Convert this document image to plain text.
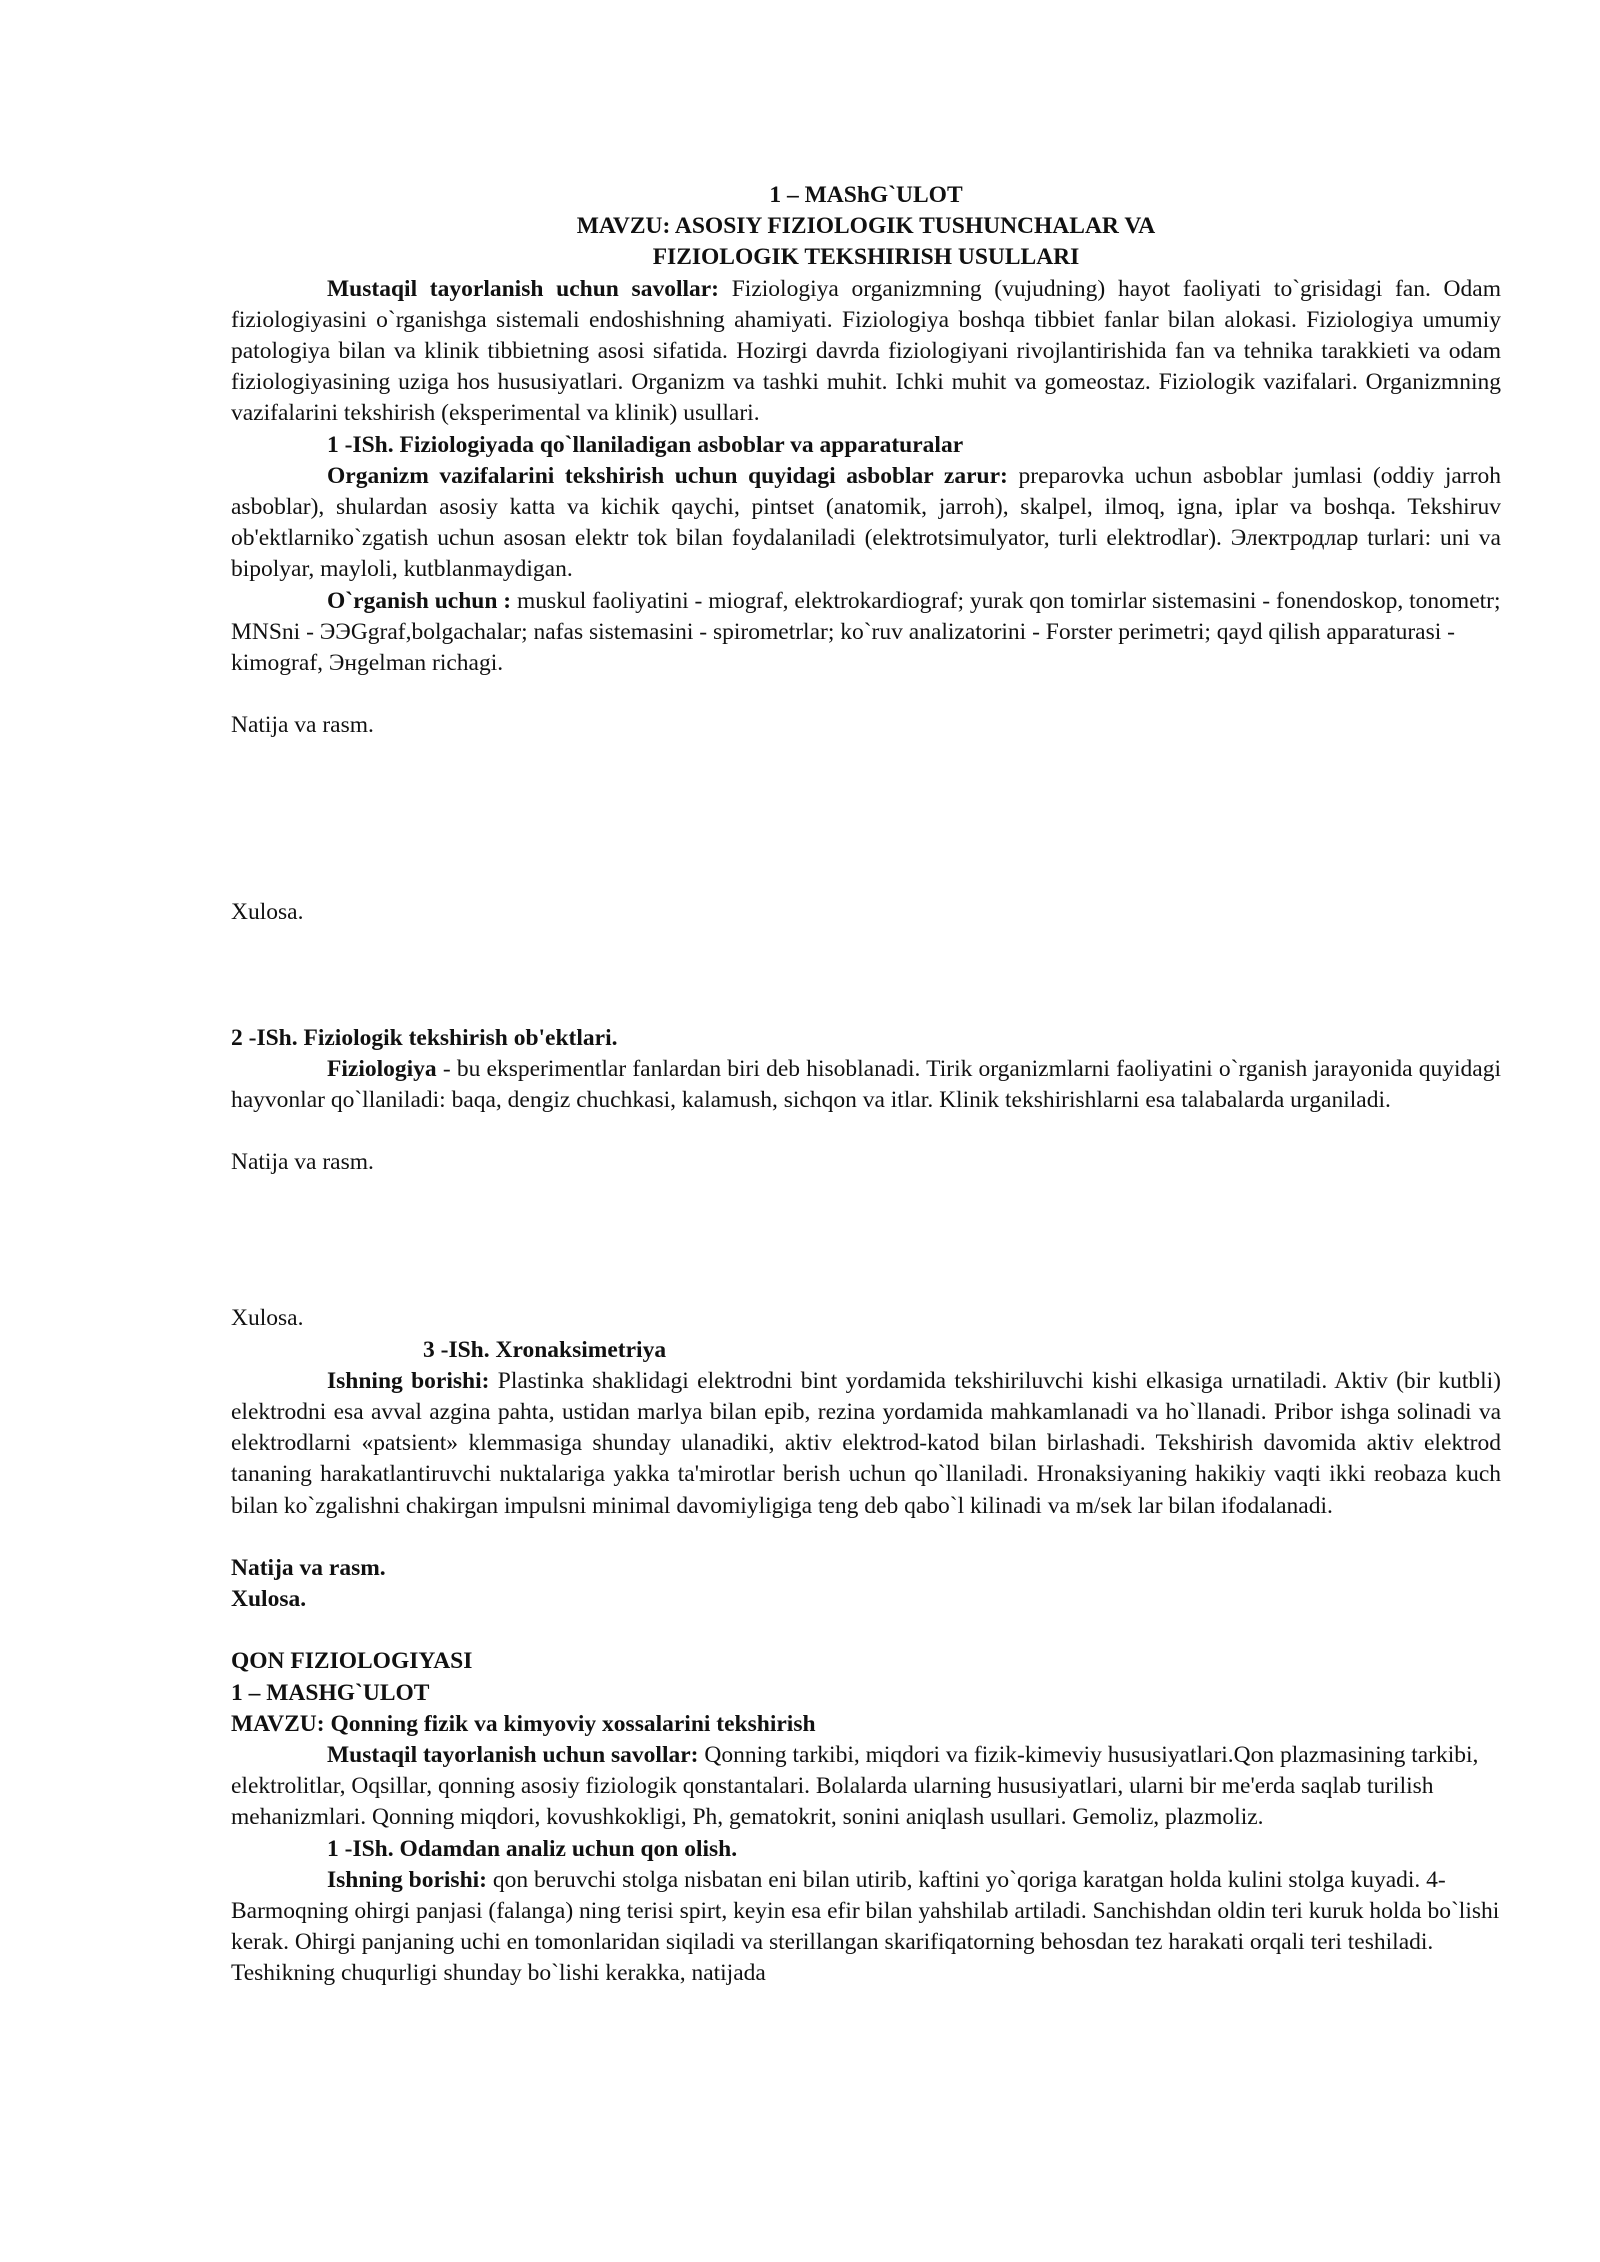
1 – MAShG`ULOT

MAVZU: ASOSIY FIZIOLOGIK TUSHUNCHALAR VA

FIZIOLOGIK TEKSHIRISH USULLARI

Mustaqil tayorlanish uchun savollar: Fiziologiya organizmning (vujudning) hayot faoliyati to`grisidagi fan. Odam fiziologiyasini o`rganishga sistemali endoshishning ahamiyati. Fiziologiya boshqa tibbiet fanlar bilan alokasi. Fiziologiya umumiy patologiya bilan va klinik tibbietning asosi sifatida. Hozirgi davrda fiziologiyani rivojlantirishida fan va tehnika tarakkieti va odam fiziologiyasining uziga hos hususiyatlari. Organizm va tashki muhit. Ichki muhit va gomeostaz. Fiziologik vazifalari. Organizmning vazifalarini tekshirish (eksperimental va klinik) usullari.

1 -ISh. Fiziologiyada qo`llaniladigan asboblar va apparaturalar

Organizm vazifalarini tekshirish uchun quyidagi asboblar zarur: preparovka uchun asboblar jumlasi (oddiy jarroh asboblar), shulardan asosiy katta va kichik qaychi, pintset (anatomik, jarroh), skalpel, ilmoq, igna, iplar va boshqa. Tekshiruv ob'ektlarniko`zgatish uchun asosan elektr tok bilan foydalaniladi (elektrotsimulyator, turli elektrodlar). Электродлар turlari: uni va bipolyar, mayloli, kutblanmaydigan.

O`rganish uchun : muskul faoliyatini - miograf, elektrokardiograf; yurak qon tomirlar sistemasini - fonendoskop, tonometr; MNSni - ЭЭGgraf,bolgachalar; nafas sistemasini - spirometrlar; ko`ruv analizatorini - Forster perimetri; qayd qilish apparaturasi - kimograf, Энgelman richagi.

Natija va rasm.

Xulosa.

2 -ISh. Fiziologik tekshirish ob'ektlari.

Fiziologiya - bu eksperimentlar fanlardan biri deb hisoblanadi. Tirik organizmlarni faoliyatini o`rganish jarayonida quyidagi hayvonlar qo`llaniladi: baqa, dengiz chuchkasi, kalamush, sichqon va itlar. Klinik tekshirishlarni esa talabalarda urganiladi.

Natija va rasm.

Xulosa.

3 -ISh. Xronaksimetriya

Ishning borishi: Plastinka shaklidagi elektrodni bint yordamida tekshiriluvchi kishi elkasiga urnatiladi. Aktiv (bir kutbli) elektrodni esa avval azgina pahta, ustidan marlya bilan epib, rezina yordamida mahkamlanadi va ho`llanadi. Pribor ishga solinadi va elektrodlarni «patsient» klemmasiga shunday ulanadiki, aktiv elektrod-katod bilan birlashadi. Tekshirish davomida aktiv elektrod tananing harakatlantiruvchi nuktalariga yakka ta'mirotlar berish uchun qo`llaniladi. Hronaksiyaning hakikiy vaqti ikki reobaza kuch bilan ko`zgalishni chakirgan impulsni minimal davomiyligiga teng deb qabo`l kilinadi va m/sek lar bilan ifodalanadi.

Natija va rasm.

Xulosa.

QON FIZIOLOGIYASI

1 – MASHG`ULOT

MAVZU: Qonning fizik va kimyoviy xossalarini tekshirish

Mustaqil tayorlanish uchun savollar: Qonning tarkibi, miqdori va fizik-kimeviy hususiyatlari.Qon plazmasining tarkibi, elektrolitlar, Oqsillar, qonning asosiy fiziologik qonstantalari. Bolalarda ularning hususiyatlari, ularni bir me'erda saqlab turilish mehanizmlari. Qonning miqdori, kovushkokligi, Ph, gematokrit, sonini aniqlash usullari. Gemoliz, plazmoliz.

1 -ISh. Odamdan analiz uchun qon olish.

Ishning borishi: qon beruvchi stolga nisbatan eni bilan utirib, kaftini yo`qoriga karatgan holda kulini stolga kuyadi. 4-Barmoqning ohirgi panjasi (falanga) ning terisi spirt, keyin esa efir bilan yahshilab artiladi. Sanchishdan oldin teri kuruk holda bo`lishi kerak. Ohirgi panjaning uchi en tomonlaridan siqiladi va sterillangan skarifiqatorning behosdan tez harakati orqali teri teshiladi. Teshikning chuqurligi shunday bo`lishi kerakka, natijada
